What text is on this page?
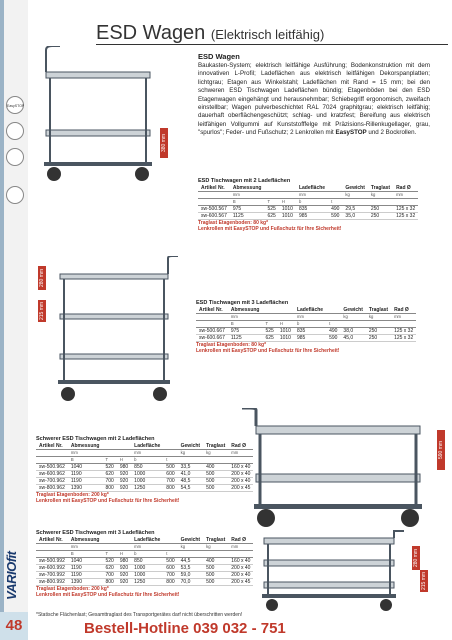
EasySTOP
VARIOfit
48
ESD Wagen (Elektrisch leitfähig)
380 mm
ESD Wagen
Baukasten-System; elektrisch leitfähige Ausführung; Bodenkonstruktion mit dem innovativen L-Profil; Ladeflächen aus elektrisch leitfähigen Dekorspanplatten; lichtgrau; Etagen aus Winkelstahl; Ladeflächen mit Rand = 15 mm; bei den schweren ESD Tischwagen Ladeflächen bündig; Etagenböden bei den ESD Etagenwagen eingehängt und herausnehmbar; Schiebegriff ergonomisch, zweifach einstellbar; Wagen pulverbeschichtet RAL 7024 graphitgrau; elektrisch leitfähig; dauerhaft oberflächengeschützt; schlag- und kratzfest; Bereifung aus elektrisch leitfähigen Vollgummi auf Kunststofffelge mit Präzisions-Rillenkugellager, grau, "spurlos"; Feder- und Fußschutz; 2 Lenkrollen mit EasySTOP und 2 Bockrollen.
ESD Tischwagen mit 2 Ladeflächen
Artikel Nr.	Abmessung			Ladefläche		Gewicht	Traglast	Rad Ø
	mm			mm		kg	kg	mm
	B	T	H	b	t			
sw-500.567	975	525	1010	835	490	29,5	250	125 x 32
sw-600.567	1125	625	1010	985	590	35,0	250	125 x 32
Traglast Etagenboden: 80 kg*
Lenkrollen mit EasySTOP und Fußschutz für Ihre Sicherheit!
280 mm
215 mm	ESD Tischwagen mit 3 Ladeflächen
Artikel Nr.	Abmessung			Ladefläche		Gewicht	Traglast	Rad Ø
	mm			mm		kg	kg	mm
	B	T	H	b	t			
sw-500.667	975	525	1010	835	490	38,0	250	125 x 32
sw-600.667	1125	625	1010	985	590	45,0	250	125 x 32
Traglast Etagenboden: 80 kg*
Lenkrollen mit EasySTOP und Fußschutz für Ihre Sicherheit!
Schwerer ESD Tischwagen mit 2 Ladeflächen
Artikel Nr.	Abmessung			Ladefläche		Gewicht	Traglast	Rad Ø
	mm			mm		kg	kg	mm
	B	T	H	b	t			
sw-500.962	1040	520	980	850	500	33,5	400	160 x 40
sw-600.962	1190	620	920	1000	600	41,0	500	200 x 40
sw-700.962	1190	700	920	1000	700	48,5	500	200 x 40
sw-800.962	1390	800	920	1250	800	54,5	500	200 x 45
Traglast Etagenboden: 200 kg*
Lenkrollen mit EasySTOP und Fußschutz für Ihre Sicherheit!
590 mm
Schwerer ESD Tischwagen mit 3 Ladeflächen
Artikel Nr.	Abmessung			Ladefläche		Gewicht	Traglast	Rad Ø
	mm			mm		kg	kg	mm
	B	T	H	b	t			
sw-500.992	1040	520	980	850	500	44,5	400	160 x 40
sw-600.992	1190	620	920	1000	600	53,5	500	200 x 40
sw-700.992	1190	700	920	1000	700	59,0	500	200 x 40
sw-800.992	1390	800	920	1250	800	70,0	500	200 x 45
Traglast Etagenboden: 200 kg*
Lenkrollen mit EasySTOP und Fußschutz für Ihre Sicherheit!
280 mm
215 mm
*Statische Flächenlast; Gesamttraglast des Transportgerätes darf nicht überschritten werden!
Bestell-Hotline 039 032 - 751
